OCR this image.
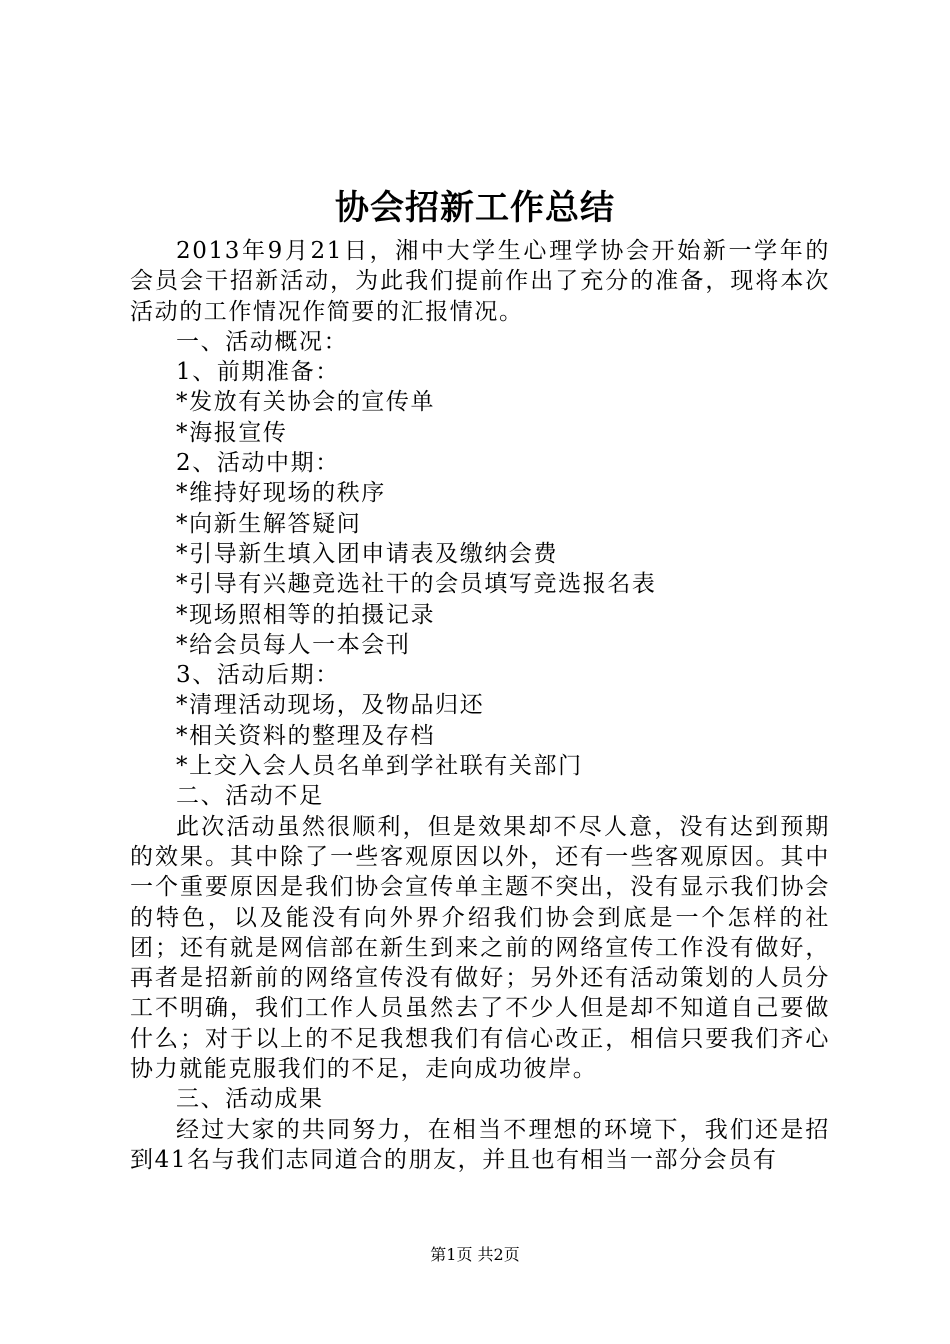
协会招新工作总结

2013年9月21日，湘中大学生心理学协会开始新一学年的会员会干招新活动，为此我们提前作出了充分的准备，现将本次活动的工作情况作简要的汇报情况。

一、活动概况：

1、前期准备：

*发放有关协会的宣传单

*海报宣传

2、活动中期：

*维持好现场的秩序

*向新生解答疑问

*引导新生填入团申请表及缴纳会费

*引导有兴趣竞选社干的会员填写竞选报名表

*现场照相等的拍摄记录

*给会员每人一本会刊

3、活动后期：

*清理活动现场，及物品归还

*相关资料的整理及存档

*上交入会人员名单到学社联有关部门

二、活动不足

此次活动虽然很顺利，但是效果却不尽人意，没有达到预期的效果。其中除了一些客观原因以外，还有一些客观原因。其中一个重要原因是我们协会宣传单主题不突出，没有显示我们协会的特色，以及能没有向外界介绍我们协会到底是一个怎样的社团；还有就是网信部在新生到来之前的网络宣传工作没有做好，再者是招新前的网络宣传没有做好；另外还有活动策划的人员分工不明确，我们工作人员虽然去了不少人但是却不知道自己要做什么；对于以上的不足我想我们有信心改正，相信只要我们齐心协力就能克服我们的不足，走向成功彼岸。

三、活动成果

经过大家的共同努力，在相当不理想的环境下，我们还是招到41名与我们志同道合的朋友，并且也有相当一部分会员有

第1页 共2页
